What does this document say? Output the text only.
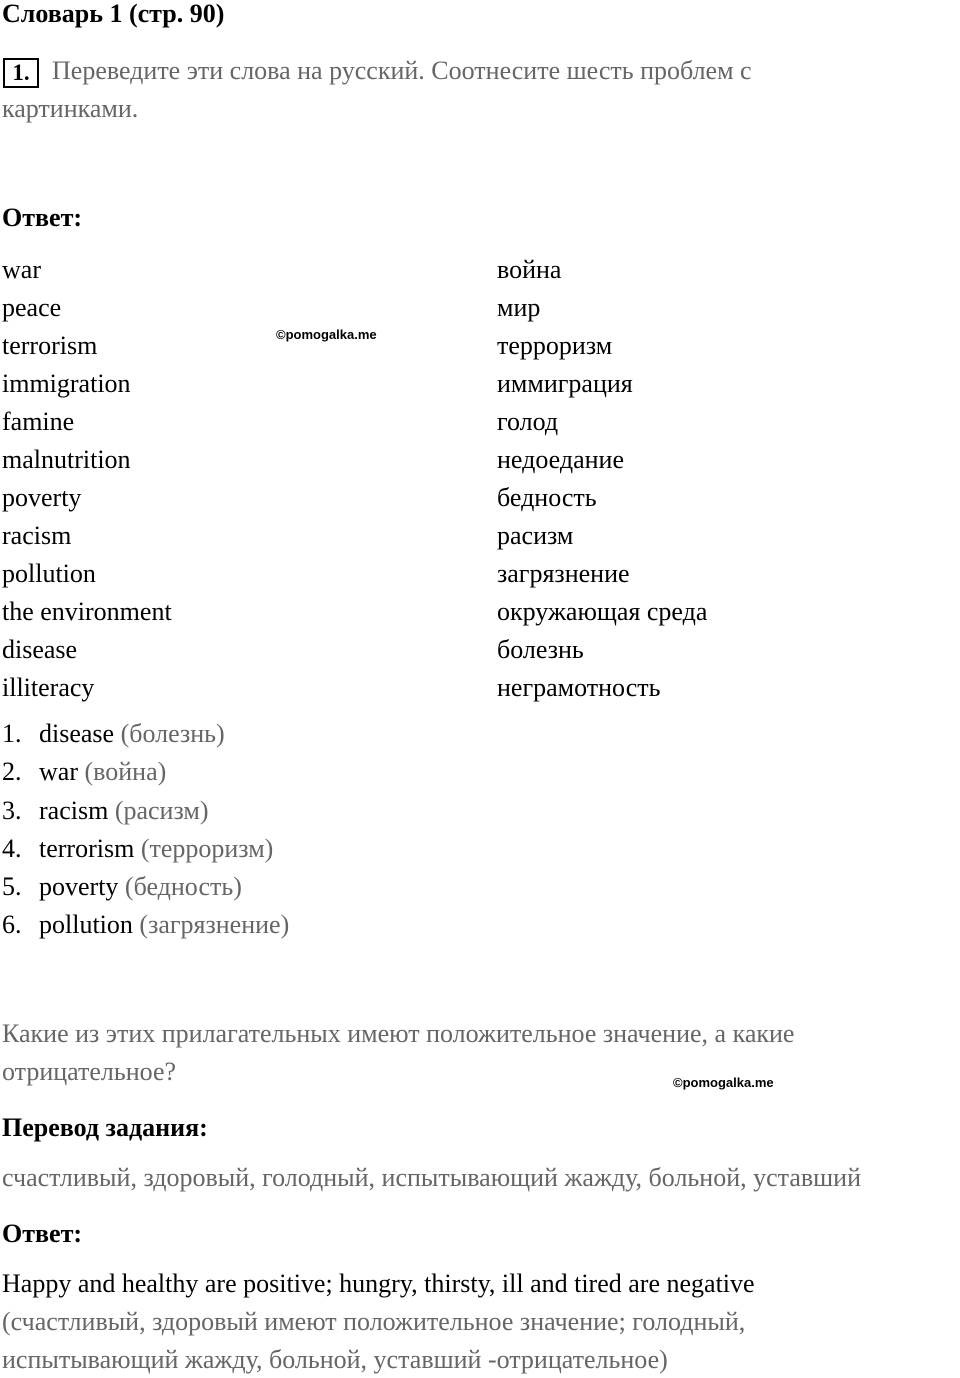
Словарь 1 (стр. 90)
1. Переведите эти слова на русский. Соотнесите шесть проблем с
картинками.
Ответ:
©pomogalka.me
war
peace
terrorism
immigration
famine
malnutrition
poverty
racism
pollution
the environment
disease
illiteracy
война
мир
терроризм
иммиграция
голод
недоедание
бедность
расизм
загрязнение
окружающая среда
болезнь
неграмотность
1. disease (болезнь)
2. war (война)
3. racism (расизм)
4. terrorism (терроризм)
5. poverty (бедность)
6. pollution (загрязнение)
Какие из этих прилагательных имеют положительное значение, а какие
отрицательное?	©pomogalka.me
Перевод задания:
счастливый, здоровый, голодный, испытывающий жажду, больной, уставший
Ответ:
Happy and healthy are positive; hungry, thirsty, ill and tired are negative
(счастливый, здоровый имеют положительное значение; голодный,
испытывающий жажду, больной, уставший -отрицательное)
